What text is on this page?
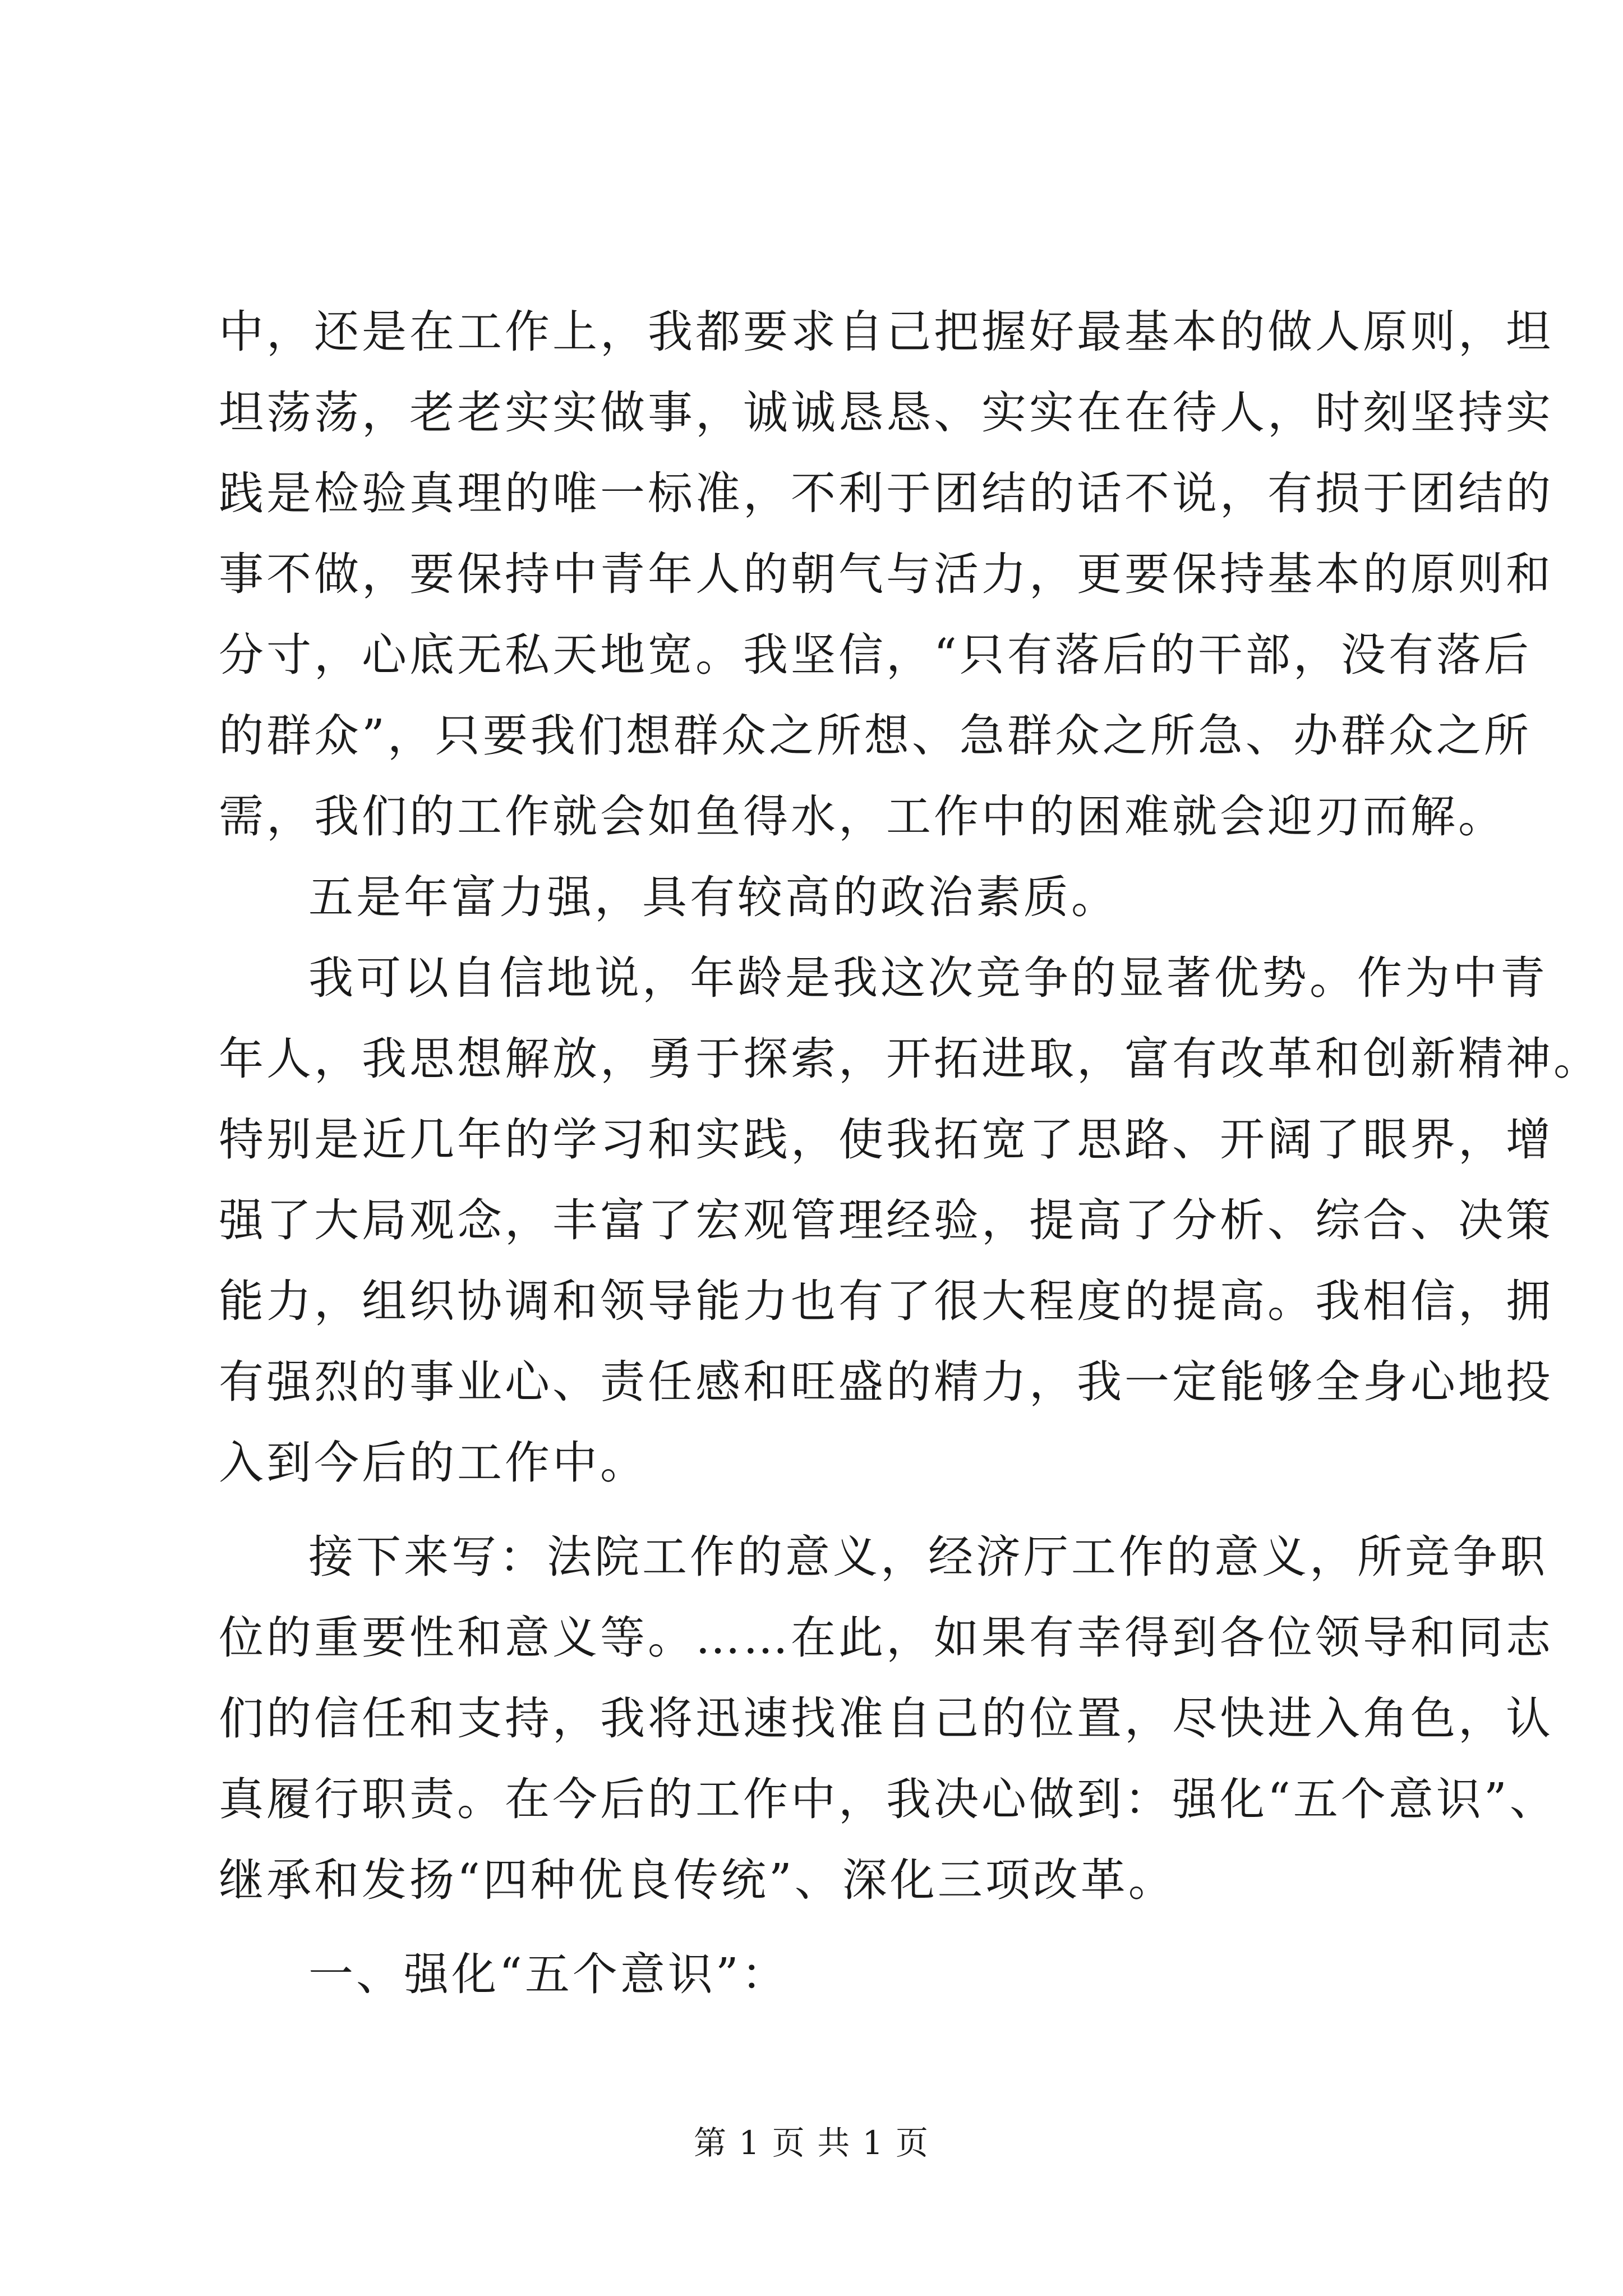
中，还是在工作上，我都要求自己把握好最基本的做人原则，坦
坦荡荡，老老实实做事，诚诚恳恳、实实在在待人，时刻坚持实
践是检验真理的唯一标准，不利于团结的话不说，有损于团结的
事不做，要保持中青年人的朝气与活力，更要保持基本的原则和
分寸，心底无私天地宽。我坚信，“只有落后的干部，没有落后
的群众”，只要我们想群众之所想、急群众之所急、办群众之所
需，我们的工作就会如鱼得水，工作中的困难就会迎刃而解。
五是年富力强，具有较高的政治素质。
我可以自信地说，年龄是我这次竞争的显著优势。作为中青
年人，我思想解放，勇于探索，开拓进取，富有改革和创新精神。
特别是近几年的学习和实践，使我拓宽了思路、开阔了眼界，增
强了大局观念，丰富了宏观管理经验，提高了分析、综合、决策
能力，组织协调和领导能力也有了很大程度的提高。我相信，拥
有强烈的事业心、责任感和旺盛的精力，我一定能够全身心地投
入到今后的工作中。
接下来写：法院工作的意义，经济厅工作的意义，所竞争职
位的重要性和意义等。……在此，如果有幸得到各位领导和同志
们的信任和支持，我将迅速找准自己的位置，尽快进入角色，认
真履行职责。在今后的工作中，我决心做到：强化“五个意识”、
继承和发扬“四种优良传统”、深化三项改革。
一、强化“五个意识”：
第 1 页 共 1 页
